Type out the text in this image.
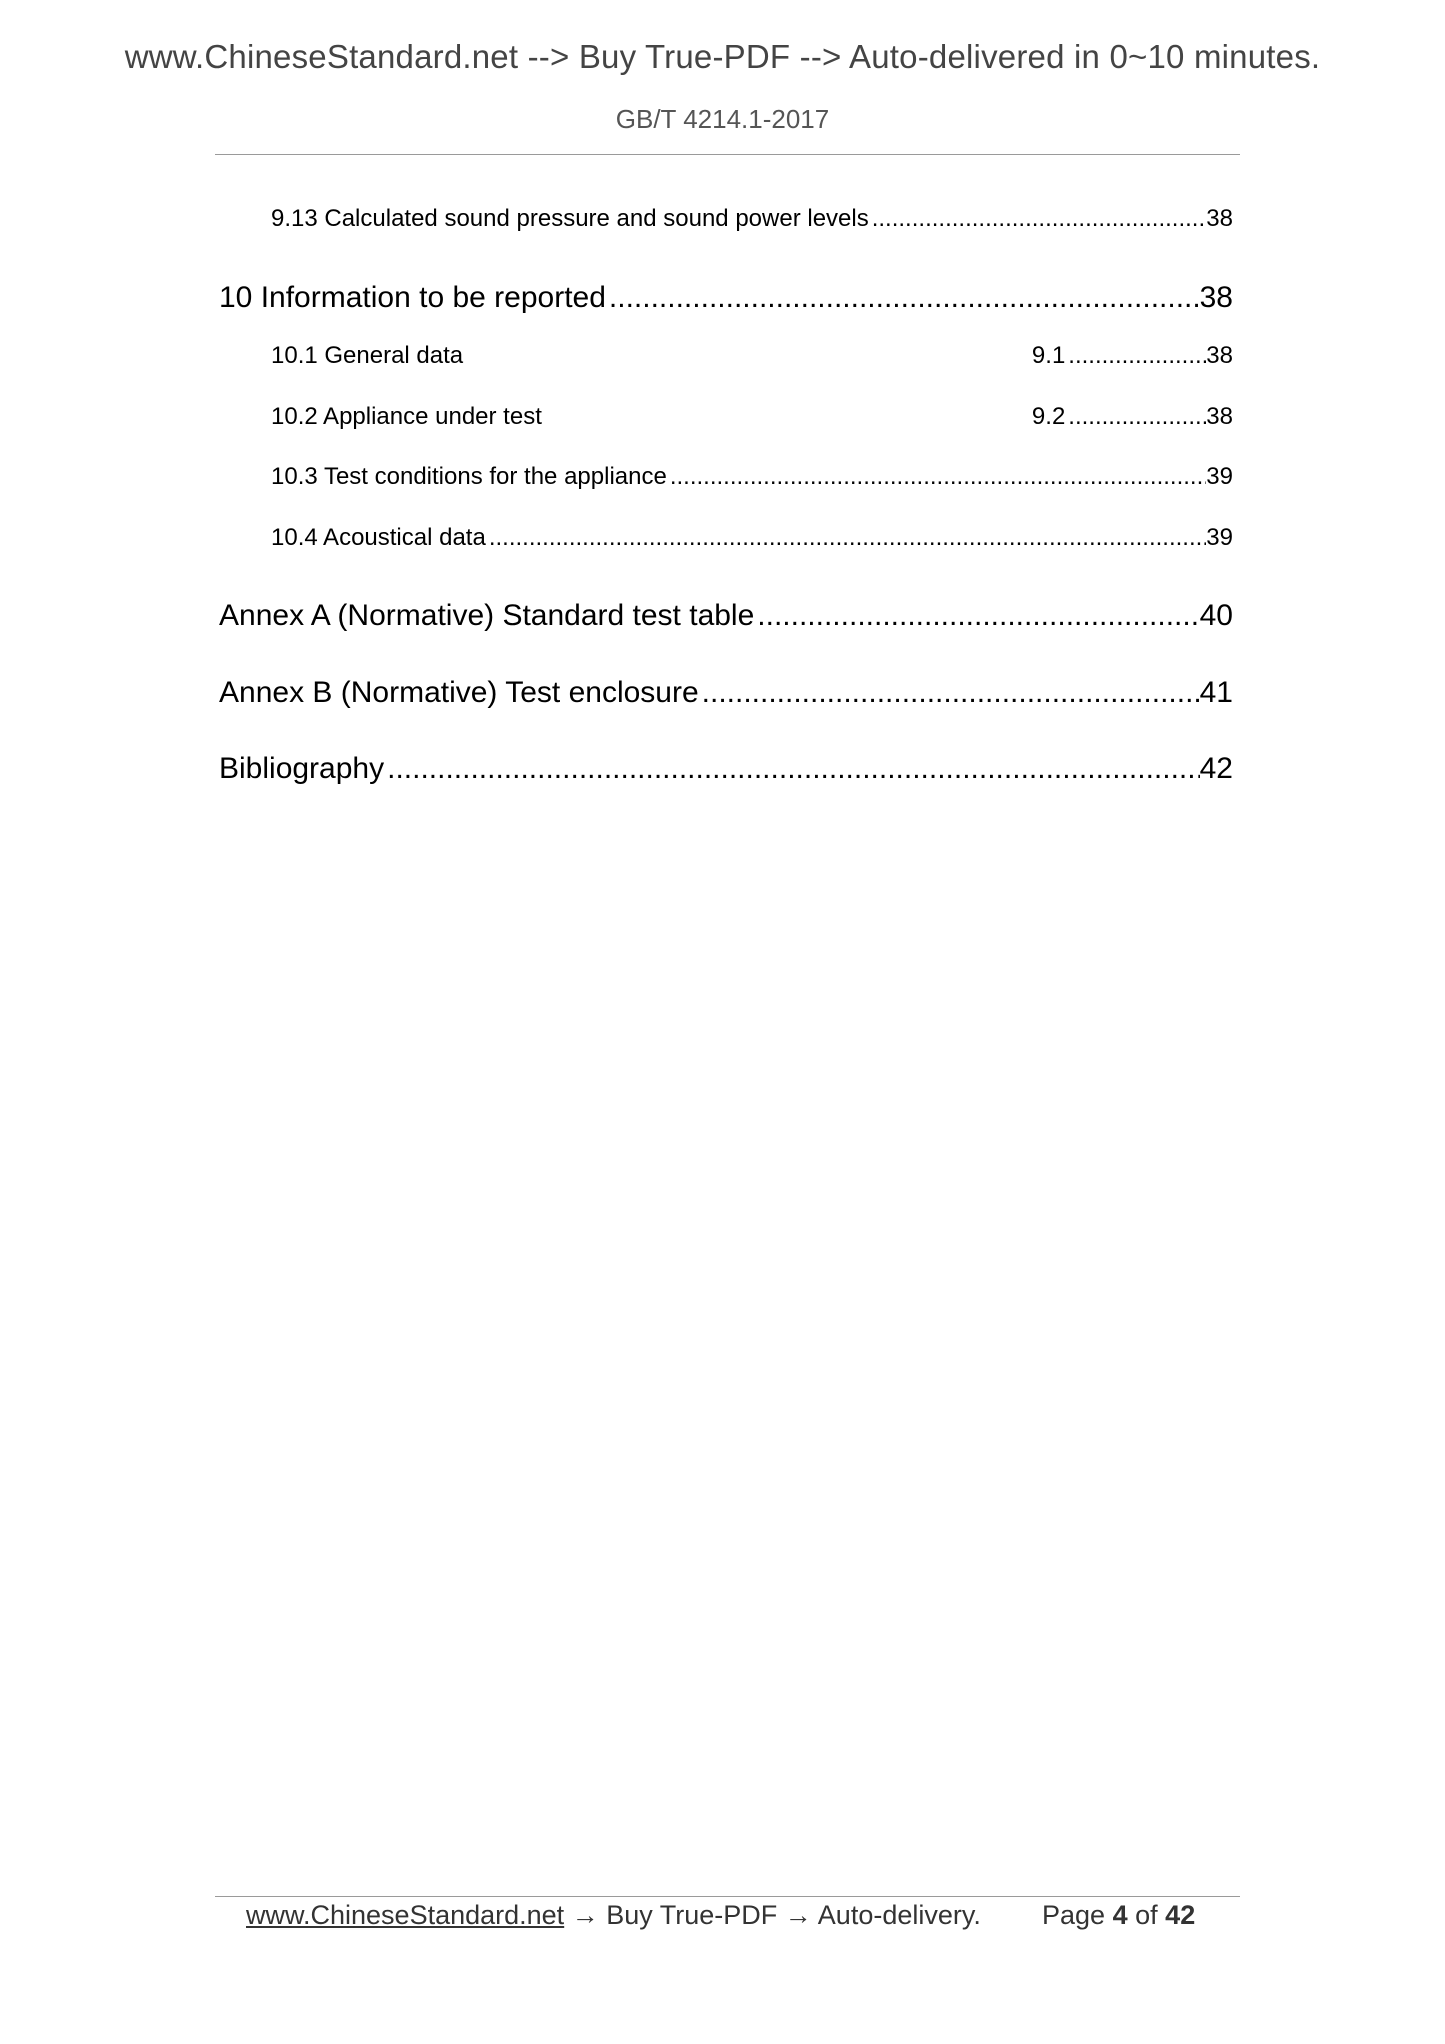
www.ChineseStandard.net --> Buy True-PDF --> Auto-delivered in 0~10 minutes.
GB/T 4214.1-2017
9.13 Calculated sound pressure and sound power levels .....	38
10 Information to be reported .....	38
10.1 General data	9.1 .....	38
10.2 Appliance under test	9.2 .....	38
10.3 Test conditions for the appliance .....	39
10.4 Acoustical data .....	39
Annex A (Normative) Standard test table .....	40
Annex B (Normative) Test enclosure .....	41
Bibliography .....	42
www.ChineseStandard.net → Buy True-PDF → Auto-delivery. Page 4 of 42
